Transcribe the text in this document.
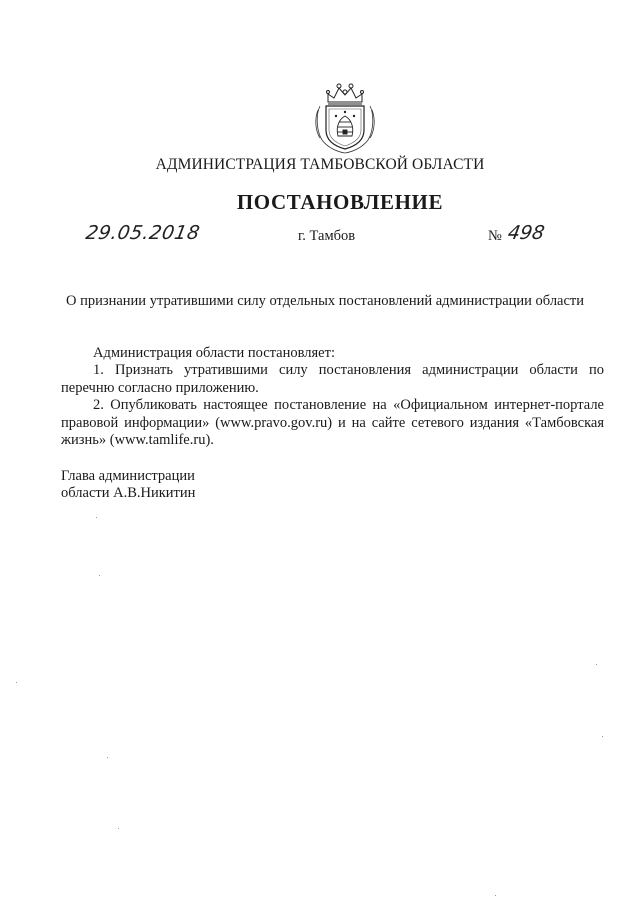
АДМИНИСТРАЦИЯ ТАМБОВСКОЙ ОБЛАСТИ
ПОСТАНОВЛЕНИЕ
29.05.2018	г. Тамбов	№ 498
О признании утратившими силу отдельных постановлений администрации области

Администрация области постановляет:

1. Признать утратившими силу постановления администрации области по перечню согласно приложению.

2. Опубликовать настоящее постановление на «Официальном интернет-портале правовой информации» (www.pravo.gov.ru) и на сайте сетевого издания «Тамбовская жизнь» (www.tamlife.ru).

Глава администрации
области А.В.Никитин
